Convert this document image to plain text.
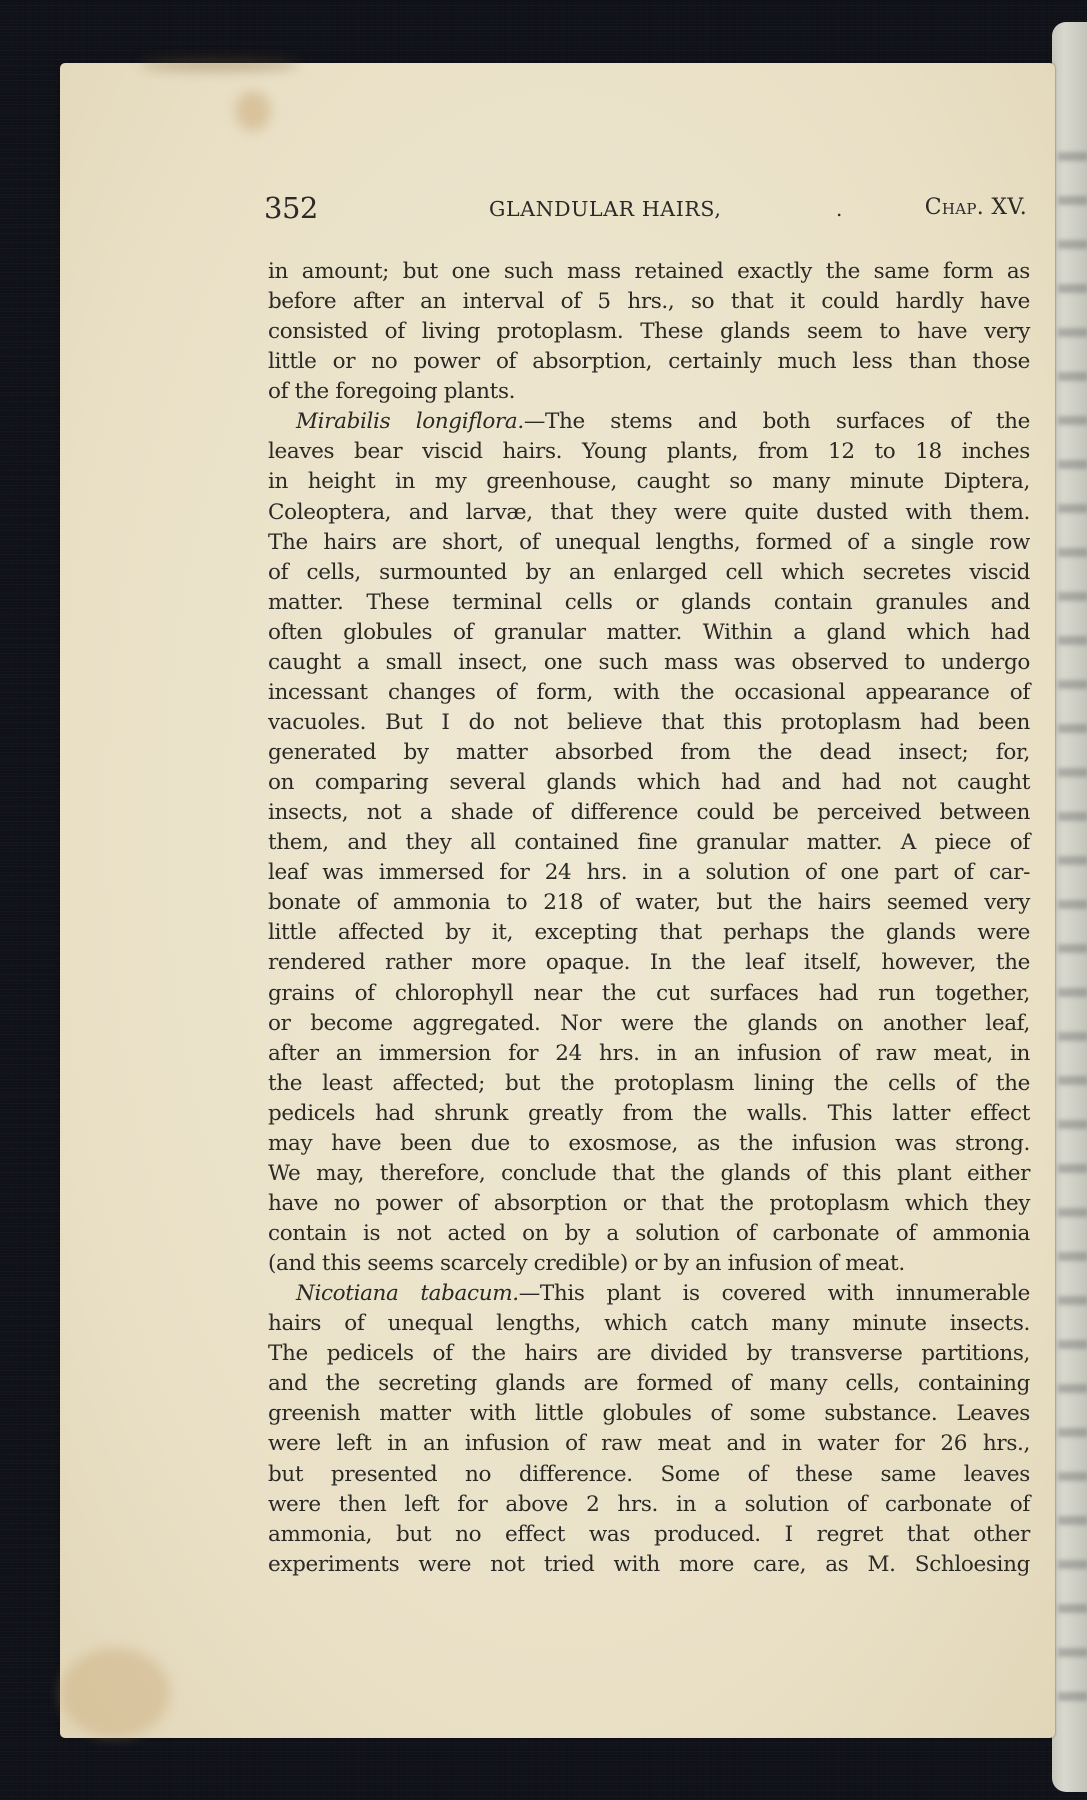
352	GLANDULAR HAIRS,	.	Chap. XV.
in amount; but one such mass retained exactly the same form as
before after an interval of 5 hrs., so that it could hardly have
consisted of living protoplasm. These glands seem to have very
little or no power of absorption, certainly much less than those
of the foregoing plants.
Mirabilis longiflora.—The stems and both surfaces of the
leaves bear viscid hairs. Young plants, from 12 to 18 inches
in height in my greenhouse, caught so many minute Diptera,
Coleoptera, and larvæ, that they were quite dusted with them.
The hairs are short, of unequal lengths, formed of a single row
of cells, surmounted by an enlarged cell which secretes viscid
matter. These terminal cells or glands contain granules and
often globules of granular matter. Within a gland which had
caught a small insect, one such mass was observed to undergo
incessant changes of form, with the occasional appearance of
vacuoles. But I do not believe that this protoplasm had been
generated by matter absorbed from the dead insect; for,
on comparing several glands which had and had not caught
insects, not a shade of difference could be perceived between
them, and they all contained fine granular matter. A piece of
leaf was immersed for 24 hrs. in a solution of one part of car-
bonate of ammonia to 218 of water, but the hairs seemed very
little affected by it, excepting that perhaps the glands were
rendered rather more opaque. In the leaf itself, however, the
grains of chlorophyll near the cut surfaces had run together,
or become aggregated. Nor were the glands on another leaf,
after an immersion for 24 hrs. in an infusion of raw meat, in
the least affected; but the protoplasm lining the cells of the
pedicels had shrunk greatly from the walls. This latter effect
may have been due to exosmose, as the infusion was strong.
We may, therefore, conclude that the glands of this plant either
have no power of absorption or that the protoplasm which they
contain is not acted on by a solution of carbonate of ammonia
(and this seems scarcely credible) or by an infusion of meat.
Nicotiana tabacum.—This plant is covered with innumerable
hairs of unequal lengths, which catch many minute insects.
The pedicels of the hairs are divided by transverse partitions,
and the secreting glands are formed of many cells, containing
greenish matter with little globules of some substance. Leaves
were left in an infusion of raw meat and in water for 26 hrs.,
but presented no difference. Some of these same leaves
were then left for above 2 hrs. in a solution of carbonate of
ammonia, but no effect was produced. I regret that other
experiments were not tried with more care, as M. Schloesing
